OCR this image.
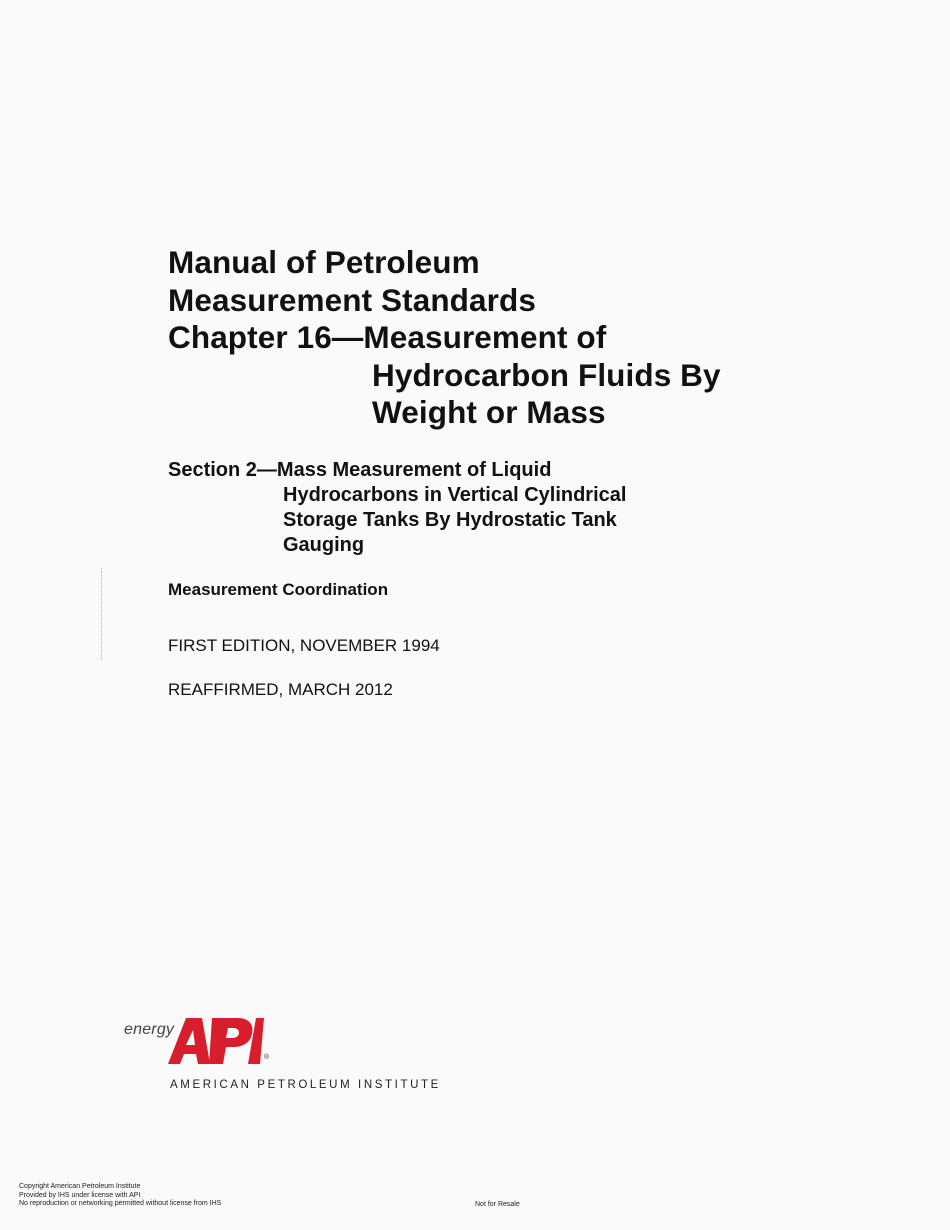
Manual of Petroleum
Measurement Standards
Chapter 16—Measurement of
Hydrocarbon Fluids By
Weight or Mass
Section 2—Mass Measurement of Liquid
Hydrocarbons in Vertical Cylindrical
Storage Tanks By Hydrostatic Tank
Gauging
Measurement Coordination
FIRST EDITION, NOVEMBER 1994
REAFFIRMED, MARCH 2012
energy
®
AMERICAN PETROLEUM INSTITUTE
Copyright American Petroleum Institute
Provided by IHS under license with API
No reproduction or networking permitted without license from IHS	Not for Resale
